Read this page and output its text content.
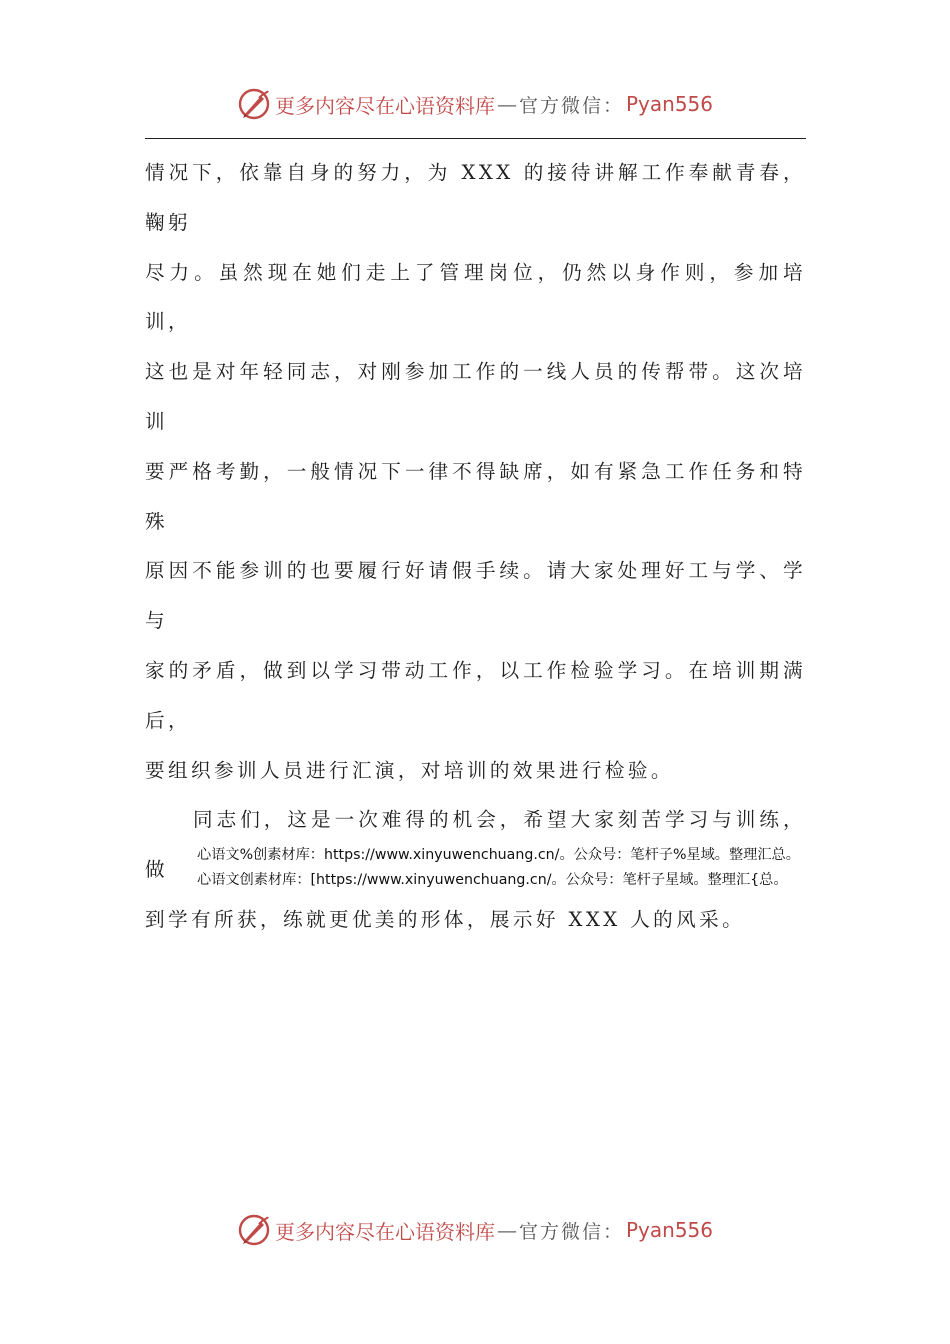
更多内容尽在心语资料库 — 官方微信： Pyan556

情况下，依靠自身的努力，为 XXX 的接待讲解工作奉献青春，鞠躬
尽力。虽然现在她们走上了管理岗位，仍然以身作则，参加培训，
这也是对年轻同志，对刚参加工作的一线人员的传帮带。这次培训
要严格考勤，一般情况下一律不得缺席，如有紧急工作任务和特殊
原因不能参训的也要履行好请假手续。请大家处理好工与学、学与
家的矛盾，做到以学习带动工作，以工作检验学习。在培训期满后，
要组织参训人员进行汇演，对培训的效果进行检验。

同志们，这是一次难得的机会，希望大家刻苦学习与训练，做
到学有所获，练就更优美的形体，展示好 XXX 人的风采。

心语文%创素材库：https://www.xinyuwenchuang.cn/。公众号：笔杆子%星域。整理汇总。

心语文创素材库：[https://www.xinyuwenchuang.cn/。公众号：笔杆子星域。整理汇{总。

更多内容尽在心语资料库 — 官方微信： Pyan556
